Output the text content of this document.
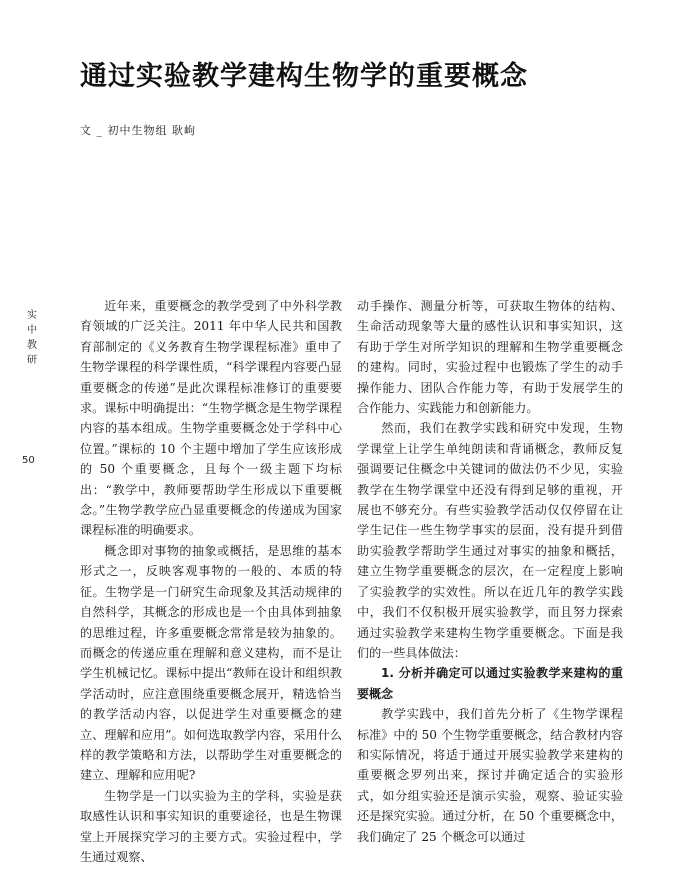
通过实验教学建构生物学的重要概念
文 _ 初中生物组 耿岣
实中教研
50

近年来，重要概念的教学受到了中外科学教育领域的广泛关注。2011 年中华人民共和国教育部制定的《义务教育生物学课程标准》重申了生物学课程的科学课性质，“科学课程内容要凸显重要概念的传递”是此次课程标准修订的重要要求。课标中明确提出：“生物学概念是生物学课程内容的基本组成。生物学重要概念处于学科中心位置。”课标的 10 个主题中增加了学生应该形成的 50 个重要概念，且每个一级主题下均标出：“教学中，教师要帮助学生形成以下重要概念。”生物学教学应凸显重要概念的传递成为国家课程标准的明确要求。

概念即对事物的抽象或概括，是思维的基本形式之一，反映客观事物的一般的、本质的特征。生物学是一门研究生命现象及其活动规律的自然科学，其概念的形成也是一个由具体到抽象的思维过程，许多重要概念常常是较为抽象的。而概念的传递应重在理解和意义建构，而不是让学生机械记忆。课标中提出“教师在设计和组织教学活动时，应注意围绕重要概念展开，精选恰当的教学活动内容，以促进学生对重要概念的建立、理解和应用”。如何选取教学内容，采用什么样的教学策略和方法，以帮助学生对重要概念的建立、理解和应用呢?

生物学是一门以实验为主的学科，实验是获取感性认识和事实知识的重要途径，也是生物课堂上开展探究学习的主要方式。实验过程中，学生通过观察、

动手操作、测量分析等，可获取生物体的结构、生命活动现象等大量的感性认识和事实知识，这有助于学生对所学知识的理解和生物学重要概念的建构。同时，实验过程中也锻炼了学生的动手操作能力、团队合作能力等，有助于发展学生的合作能力、实践能力和创新能力。

然而，我们在教学实践和研究中发现，生物学课堂上让学生单纯朗读和背诵概念，教师反复强调要记住概念中关键词的做法仍不少见，实验教学在生物学课堂中还没有得到足够的重视，开展也不够充分。有些实验教学活动仅仅停留在让学生记住一些生物学事实的层面，没有提升到借助实验教学帮助学生通过对事实的抽象和概括，建立生物学重要概念的层次，在一定程度上影响了实验教学的实效性。所以在近几年的教学实践中，我们不仅积极开展实验教学，而且努力探索通过实验教学来建构生物学重要概念。下面是我们的一些具体做法：

1. 分析并确定可以通过实验教学来建构的重要概念

教学实践中，我们首先分析了《生物学课程标准》中的 50 个生物学重要概念，结合教材内容和实际情况，将适于通过开展实验教学来建构的重要概念罗列出来，探讨并确定适合的实验形式，如分组实验还是演示实验，观察、验证实验还是探究实验。通过分析，在 50 个重要概念中，我们确定了 25 个概念可以通过
